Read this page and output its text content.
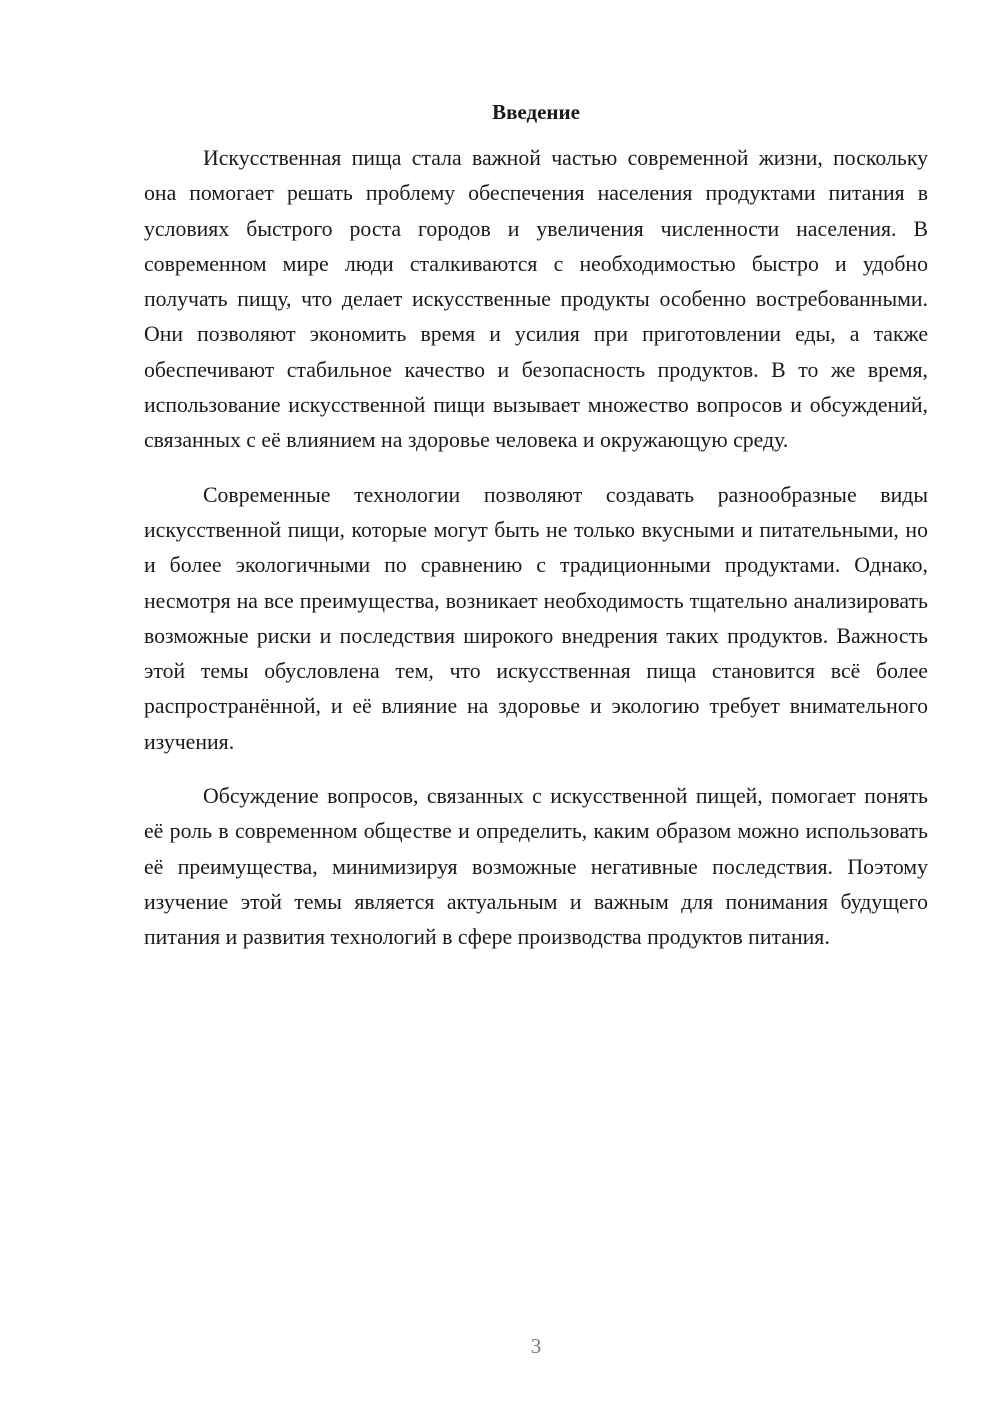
Введение

Искусственная пища стала важной частью современной жизни, поскольку она помогает решать проблему обеспечения населения продуктами питания в условиях быстрого роста городов и увеличения численности населения. В современном мире люди сталкиваются с необходимостью быстро и удобно получать пищу, что делает искусственные продукты особенно востребованными. Они позволяют экономить время и усилия при приготовлении еды, а также обеспечивают стабильное качество и безопасность продуктов. В то же время, использование искусственной пищи вызывает множество вопросов и обсуждений, связанных с её влиянием на здоровье человека и окружающую среду.

Современные технологии позволяют создавать разнообразные виды искусственной пищи, которые могут быть не только вкусными и питательными, но и более экологичными по сравнению с традиционными продуктами. Однако, несмотря на все преимущества, возникает необходимость тщательно анализировать возможные риски и последствия широкого внедрения таких продуктов. Важность этой темы обусловлена тем, что искусственная пища становится всё более распространённой, и её влияние на здоровье и экологию требует внимательного изучения.

Обсуждение вопросов, связанных с искусственной пищей, помогает понять её роль в современном обществе и определить, каким образом можно использовать её преимущества, минимизируя возможные негативные последствия. Поэтому изучение этой темы является актуальным и важным для понимания будущего питания и развития технологий в сфере производства продуктов питания.

3
